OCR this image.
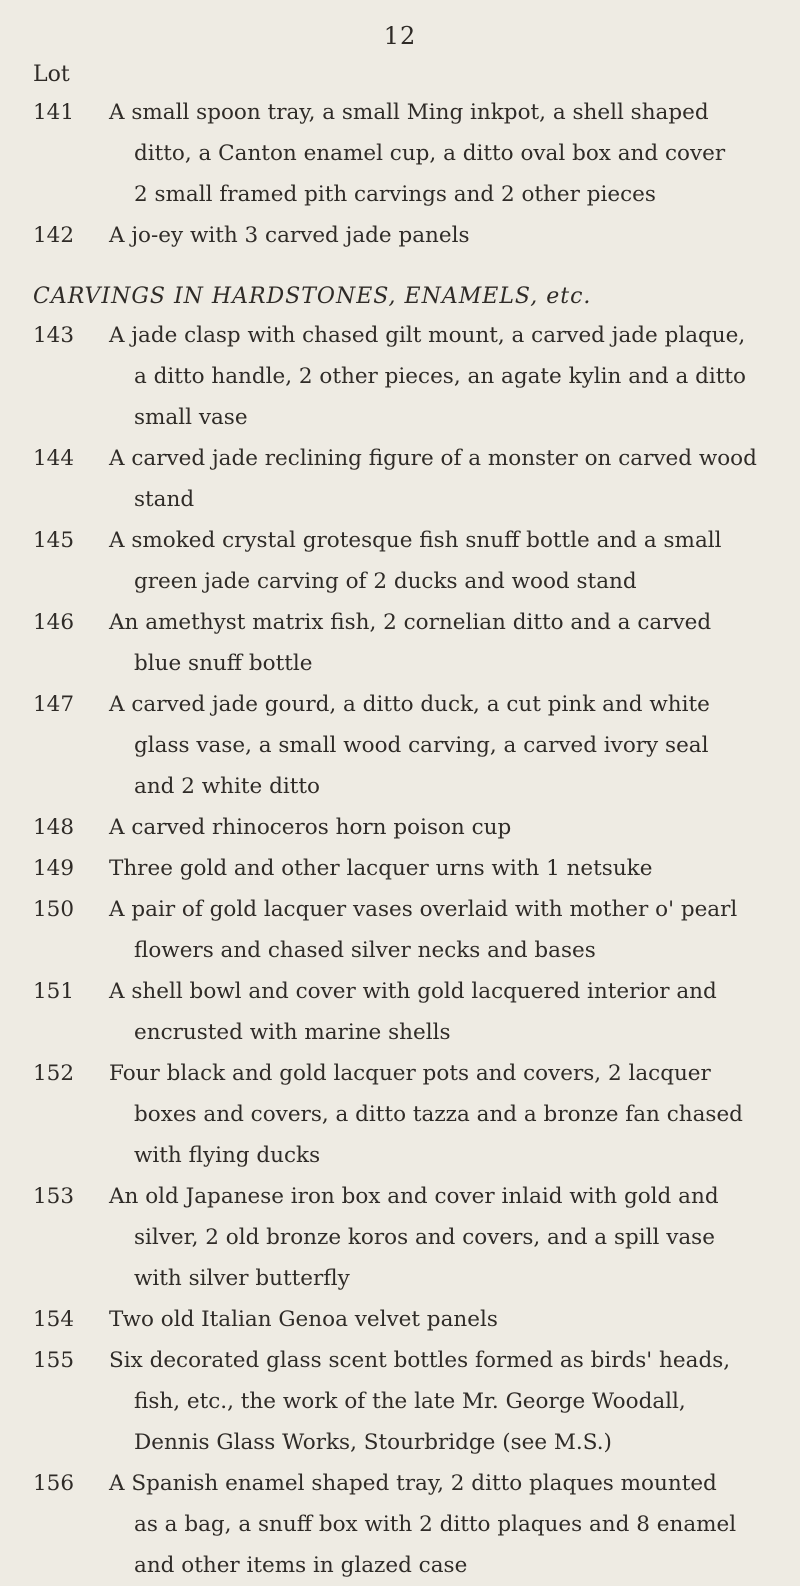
12
Lot
CARVINGS IN HARDSTONES, ENAMELS, etc.
141	A small spoon tray, a small Ming inkpot, a shell shaped
ditto, a Canton enamel cup, a ditto oval box and cover
2 small framed pith carvings and 2 other pieces
142	A jo-ey with 3 carved jade panels
143	A jade clasp with chased gilt mount, a carved jade plaque,
a ditto handle, 2 other pieces, an agate kylin and a ditto
small vase
144	A carved jade reclining figure of a monster on carved wood
stand
145	A smoked crystal grotesque fish snuff bottle and a small
green jade carving of 2 ducks and wood stand
146	An amethyst matrix fish, 2 cornelian ditto and a carved
blue snuff bottle
147	A carved jade gourd, a ditto duck, a cut pink and white
glass vase, a small wood carving, a carved ivory seal
and 2 white ditto
148	A carved rhinoceros horn poison cup
149	Three gold and other lacquer urns with 1 netsuke
150	A pair of gold lacquer vases overlaid with mother o' pearl
flowers and chased silver necks and bases
151	A shell bowl and cover with gold lacquered interior and
encrusted with marine shells
152	Four black and gold lacquer pots and covers, 2 lacquer
boxes and covers, a ditto tazza and a bronze fan chased
with flying ducks
153	An old Japanese iron box and cover inlaid with gold and
silver, 2 old bronze koros and covers, and a spill vase
with silver butterfly
154	Two old Italian Genoa velvet panels
155	Six decorated glass scent bottles formed as birds' heads,
fish, etc., the work of the late Mr. George Woodall,
Dennis Glass Works, Stourbridge (see M.S.)
156	A Spanish enamel shaped tray, 2 ditto plaques mounted
as a bag, a snuff box with 2 ditto plaques and 8 enamel
and other items in glazed case
